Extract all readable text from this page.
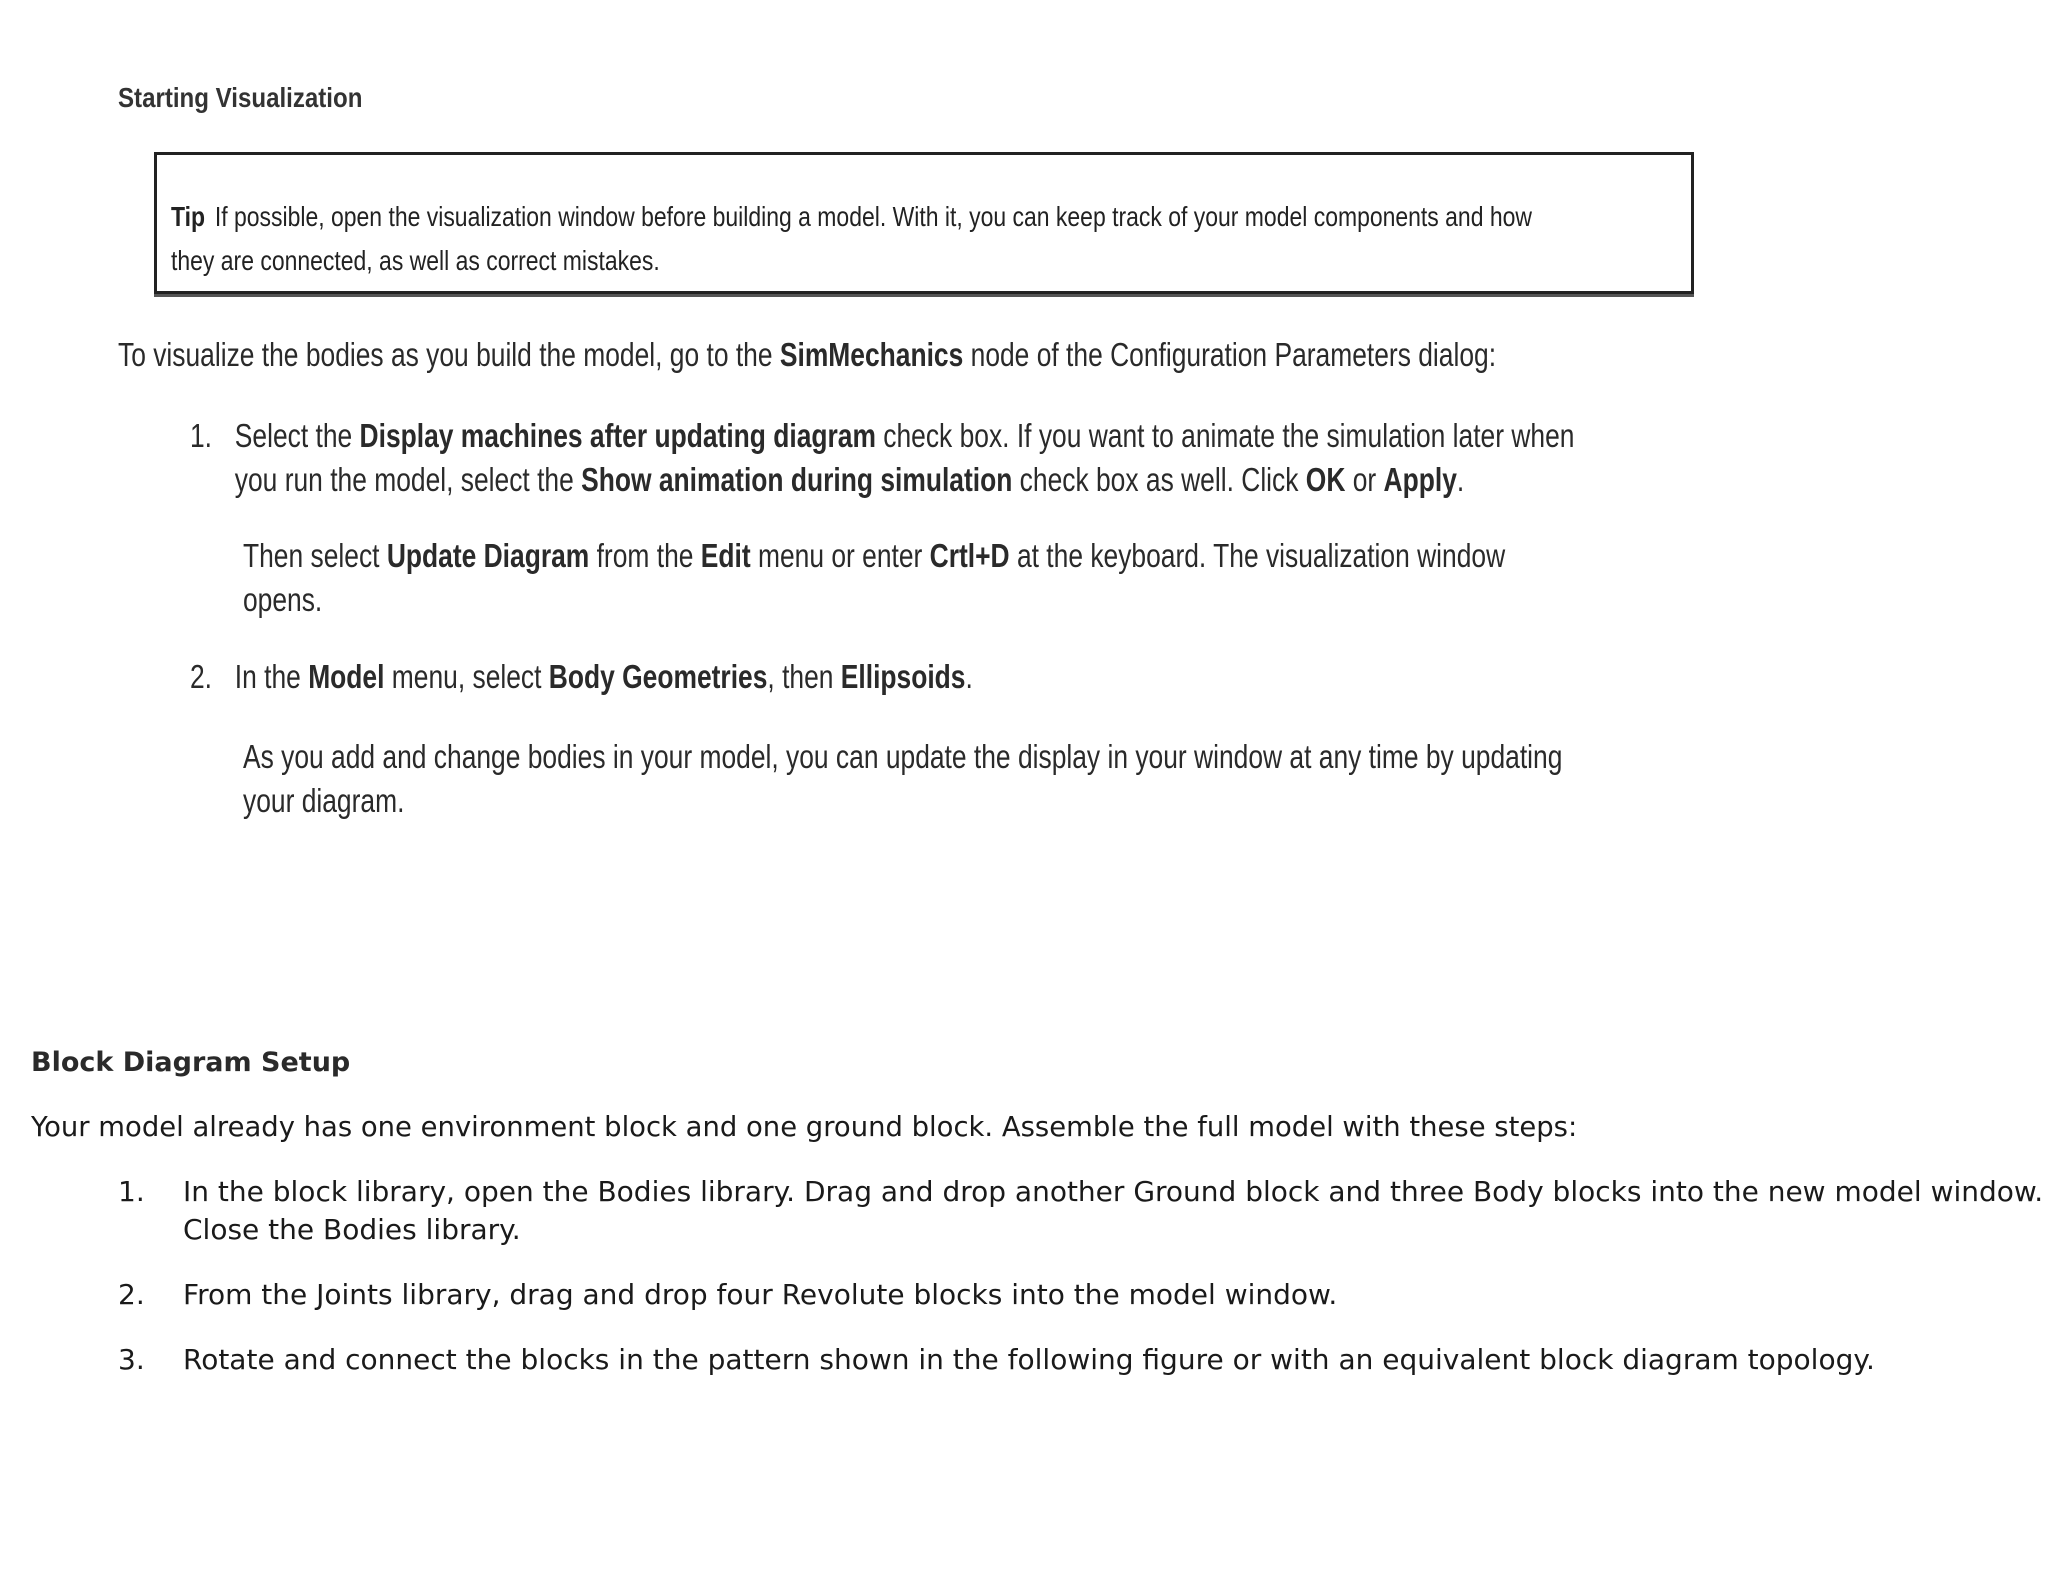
Starting Visualization
Tip If possible, open the visualization window before building a model. With it, you can keep track of your model components and how they are connected, as well as correct mistakes.
To visualize the bodies as you build the model, go to the SimMechanics node of the Configuration Parameters dialog:
1. Select the Display machines after updating diagram check box. If you want to animate the simulation later when you run the model, select the Show animation during simulation check box as well. Click OK or Apply.
Then select Update Diagram from the Edit menu or enter Crtl+D at the keyboard. The visualization window opens.
2. In the Model menu, select Body Geometries, then Ellipsoids.
As you add and change bodies in your model, you can update the display in your window at any time by updating your diagram.
Block Diagram Setup
Your model already has one environment block and one ground block. Assemble the full model with these steps:
1. In the block library, open the Bodies library. Drag and drop another Ground block and three Body blocks into the new model window. Close the Bodies library.
2. From the Joints library, drag and drop four Revolute blocks into the model window.
3. Rotate and connect the blocks in the pattern shown in the following figure or with an equivalent block diagram topology.
